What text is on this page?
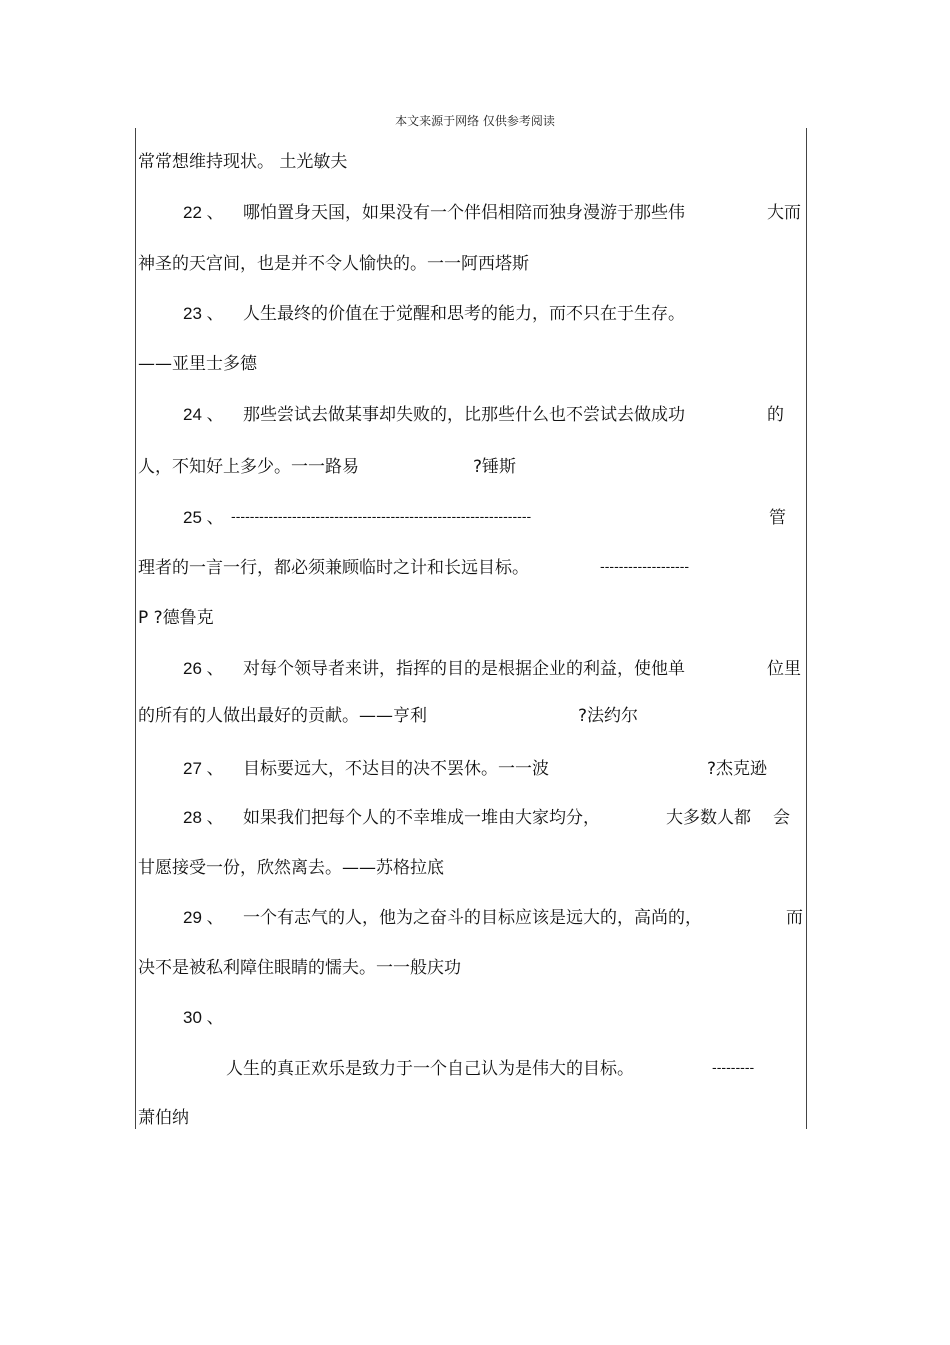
本文来源于网络 仅供参考阅读
常常想维持现状。 土光敏夫
22 、 哪怕置身天国，如果没有一个伴侣相陪而独身漫游于那些伟	大而
神圣的天宫间，也是并不令人愉快的。一一阿西塔斯
23 、 人生最终的价值在于觉醒和思考的能力，而不只在于生存。
——亚里士多德
24 、 那些尝试去做某事却失败的，比那些什么也不尝试去做成功	的
人，不知好上多少。一一路易	?锤斯
25 、 ----------------------------------------------------------------	管
理者的一言一行，都必须兼顾临时之计和长远目标。	-------------------
P ?德鲁克
26 、 对每个领导者来讲，指挥的目的是根据企业的利益，使他单	位里
的所有的人做出最好的贡献。——亨利	?法约尔
27 、 目标要远大，不达目的决不罢休。一一波	?杰克逊
28 、 如果我们把每个人的不幸堆成一堆由大家均分，	大多数人都 会
甘愿接受一份，欣然离去。——苏格拉底
29 、 一个有志气的人，他为之奋斗的目标应该是远大的，高尚的，	而
决不是被私利障住眼睛的懦夫。一一般庆功
30 、
人生的真正欢乐是致力于一个自己认为是伟大的目标。	---------
萧伯纳
